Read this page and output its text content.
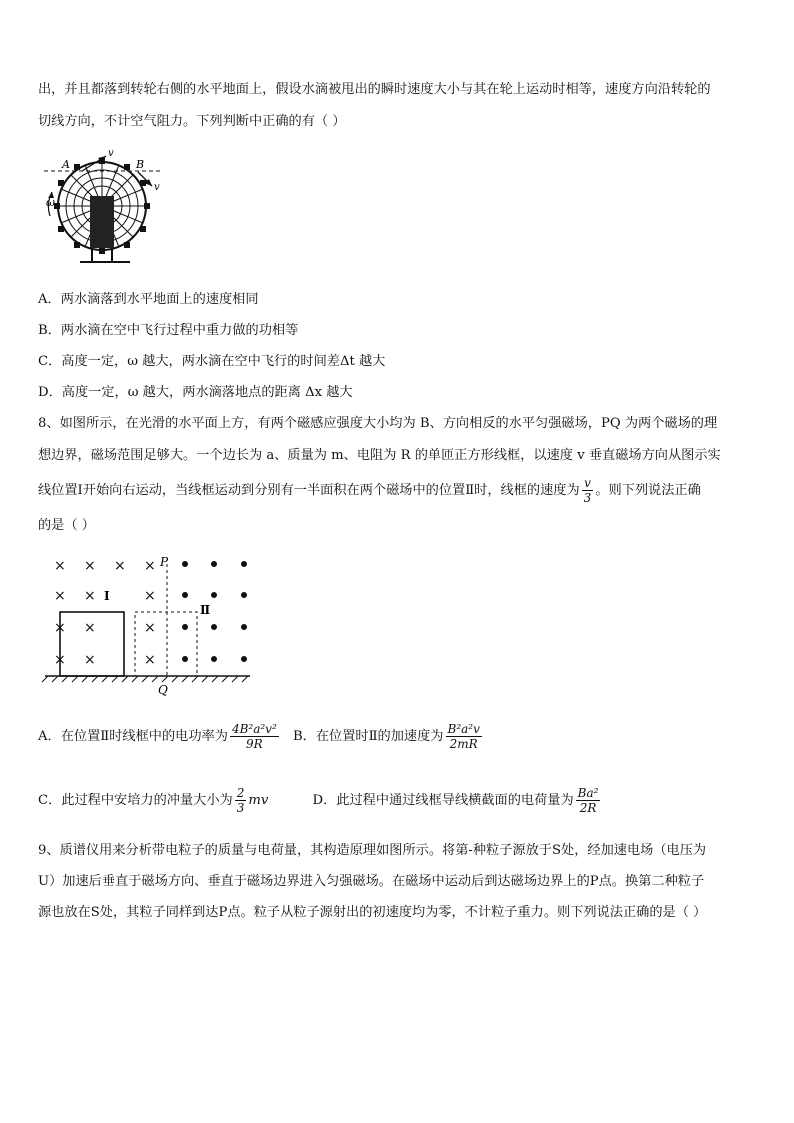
出，并且都落到转轮右侧的水平地面上，假设水滴被甩出的瞬时速度大小与其在轮上运动时相等，速度方向沿转轮的
切线方向，不计空气阻力。下列判断中正确的有（ ）
A	B
v
v
ω
A．两水滴落到水平地面上的速度相同
B．两水滴在空中飞行过程中重力做的功相等
C．高度一定，ω 越大，两水滴在空中飞行的时间差Δt 越大
D．高度一定，ω 越大，两水滴落地点的距离 Δx 越大
8、如图所示，在光滑的水平面上方，有两个磁感应强度大小均为 B、方向相反的水平匀强磁场，PQ 为两个磁场的理
想边界，磁场范围足够大。一个边长为 a、质量为 m、电阻为 R 的单匝正方形线框，以速度 v 垂直磁场方向从图示实
线位置Ⅰ开始向右运动，当线框运动到分别有一半面积在两个磁场中的位置Ⅱ时，线框的速度为 $\frac{v}{3}$ 。则下列说法正确
的是（ ）
× × × ×
× ×	×
× ×	×
× ×	×
P
Q
Ⅰ
Ⅱ
A．在位置Ⅱ时线框中的电功率为 $\frac{\text{4B²a²v²}}{9R}$ B．在位置时Ⅱ的加速度为 $\frac{\text{B²a²v}}{2mR}$
C．此过程中安培力的冲量大小为 $\frac{2}{3}$ mv	D．此过程中通过线框导线横截面的电荷量为 $\frac{\text{Ba²}}{2R}$
9、质谱仪用来分析带电粒子的质量与电荷量，其构造原理如图所示。将第-种粒子源放于S处，经加速电场（电压为
U）加速后垂直于磁场方向、垂直于磁场边界进入匀强磁场。在磁场中运动后到达磁场边界上的P点。换第二种粒子
源也放在S处，其粒子同样到达P点。粒子从粒子源射出的初速度均为零，不计粒子重力。则下列说法正确的是（ ）
